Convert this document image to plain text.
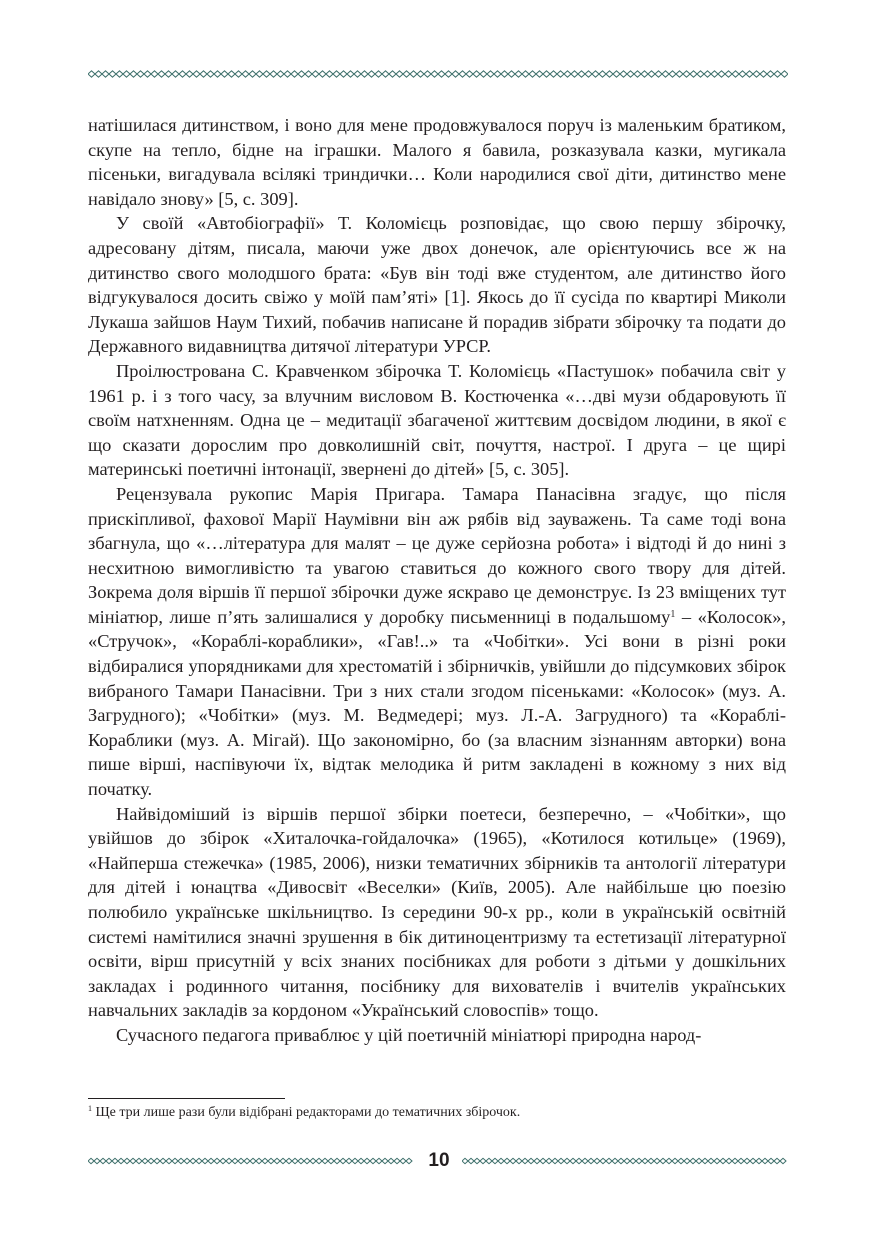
натішилася дитинством, і воно для мене продовжувалося поруч із маленьким братиком, скупе на тепло, бідне на іграшки. Малого я бавила, розказувала казки, мугикала пісеньки, вигадувала всілякі триндички… Коли народилися свої діти, дитинство мене навідало знову» [5, с. 309].

У своїй «Автобіографії» Т. Коломієць розповідає, що свою першу збірочку, адресовану дітям, писала, маючи уже двох донечок, але орієнтуючись все ж на дитинство свого молодшого брата: «Був він тоді вже студентом, але дитинство його відгукувалося досить свіжо у моїй пам’яті» [1]. Якось до її сусіда по квартирі Миколи Лукаша зайшов Наум Тихий, побачив написане й порадив зібрати збірочку та подати до Державного видавництва дитячої літератури УРСР.

Проілюстрована С. Кравченком збірочка Т. Коломієць «Пастушок» побачила світ у 1961 р. і з того часу, за влучним висловом В. Костюченка «…дві музи обдаровують її своїм натхненням. Одна це – медитації збагаченої життєвим досвідом людини, в якої є що сказати дорослим про довколишній світ, почуття, настрої. І друга – це щирі материнські поетичні інтонації, звернені до дітей» [5, с. 305].

Рецензувала рукопис Марія Пригара. Тамара Панасівна згадує, що після прискіпливої, фахової Марії Наумівни він аж рябів від зауважень. Та саме тоді вона збагнула, що «…література для малят – це дуже серйозна робота» і відтоді й до нині з несхитною вимогливістю та увагою ставиться до кожного свого твору для дітей. Зокрема доля віршів її першої збірочки дуже яскраво це демонструє. Із 23 вміщених тут мініатюр, лише п’ять залишалися у доробку письменниці в подальшому$^1$ – «Колосок», «Стручок», «Кораблі-кораблики», «Гав!..» та «Чобітки». Усі вони в різні роки відбиралися упорядниками для хрестоматій і збірничків, увійшли до підсумкових збірок вибраного Тамари Панасівни. Три з них стали згодом пісеньками: «Колосок» (муз. А. Загрудного); «Чобітки» (муз. М. Ведмедері; муз. Л.-А. Загрудного) та «Кораблі-Кораблики (муз. А. Мігай). Що закономірно, бо (за власним зізнанням авторки) вона пише вірші, наспівуючи їх, відтак мелодика й ритм закладені в кожному з них від початку.

Найвідоміший із віршів першої збірки поетеси, безперечно, – «Чобітки», що увійшов до збірок «Хиталочка-гойдалочка» (1965), «Котилося котильце» (1969), «Найперша стежечка» (1985, 2006), низки тематичних збірників та антології літератури для дітей і юнацтва «Дивосвіт «Веселки» (Київ, 2005). Але найбільше цю поезію полюбило українське шкільництво. Із середини 90-х рр., коли в українській освітній системі намітилися значні зрушення в бік дитиноцентризму та естетизації літературної освіти, вірш присутній у всіх знаних посібниках для роботи з дітьми у дошкільних закладах і родинного читання, посібнику для вихователів і вчителів українських навчальних закладів за кордоном «Український словоспів» тощо.

Сучасного педагога приваблює у цій поетичній мініатюрі природна народ-

$^1$ Ще три лише рази були відібрані редакторами до тематичних збірочок.

10
